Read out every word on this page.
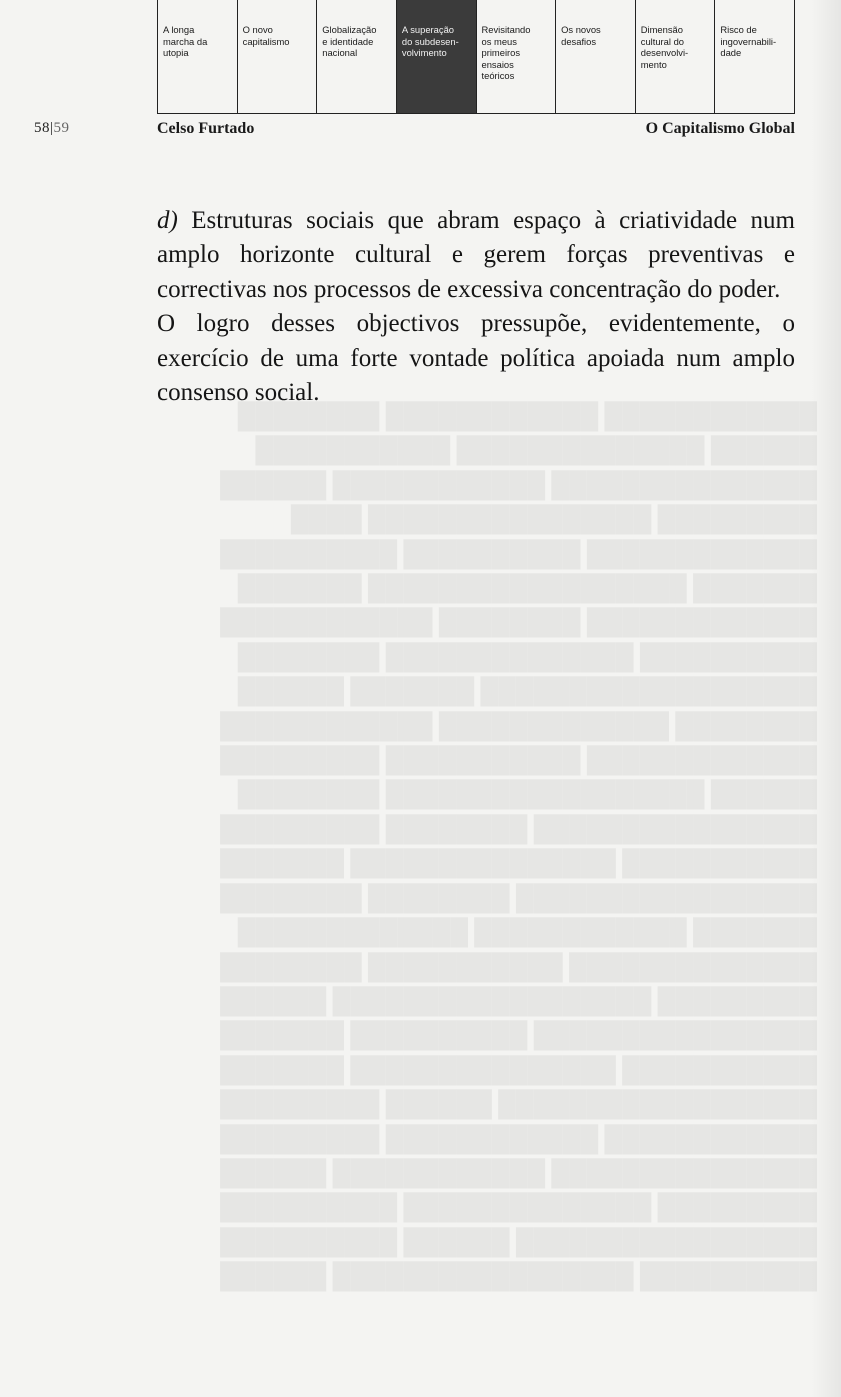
A longa
marcha da
utopia
O novo
capitalismo
Globalização
e identidade
nacional
A superação
do subdesen-
volvimento
Revisitando
os meus
primeiros
ensaios
teóricos
Os novos
desafios
Dimensão
cultural do
desenvolvi-
mento
Risco de
ingovernabili-
dade
58|59	Celso Furtado	O Capitalismo Global

d) Estruturas sociais que abram espaço à criatividade num amplo horizonte cultural e gerem forças preventivas e correctivas nos processos de excessiva concentração do poder.

O logro desses objectivos pressupõe, evidentemente, o exercício de uma forte vontade política apoiada num amplo consenso social.

████████████ ████████████ ████████
██████ ██████████████ ███████████
███████████████ ████████████ ██████
█████████ ████████████████ ████
█████████████ ██████████ ██████████
███████ ██████████████████ ███████
█████████████ ████████ ████████████
██████████ ██████████████ ████████
███████████████████ ███████ ██████
████████ █████████████ ████████████
█████████████ ███████████ █████████
██████ ██████████████████ ████████
████████████████ ████████ █████████
███████████ ███████████████ ███████
█████████████████ ████████ ████████
███████ ████████████ █████████████
██████████████ ███████████ ████████
█████████ ██████████████████ ██████
████████████████ ██████████ ███████
███████████ ███████████████ ███████
██████████████████ ██████ █████████
████████████ ████████████ █████████
███████████████ ████████████ ██████
█████████ ██████████████ ██████████
█████████████████ ██████ ██████████
██████████ █████████████████ ██████
